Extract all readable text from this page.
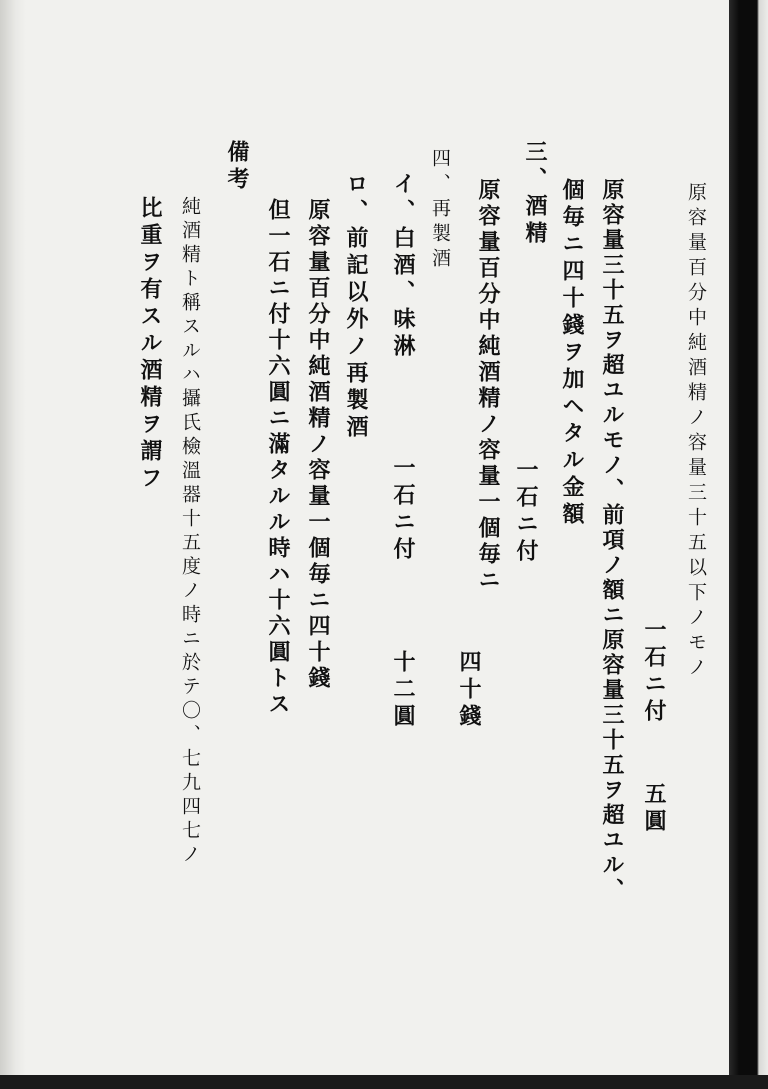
原容量百分中純酒精ノ容量三十五以下ノモノ
一石ニ付
五圓
原容量三十五ヲ超ユルモノ、前項ノ額ニ原容量三十五ヲ超ユル、
個毎ニ四十錢ヲ加ヘタル金額
三、酒精
一石ニ付
原容量百分中純酒精ノ容量一個毎ニ
四十錢
四、再製酒
イ、白酒、味淋
一石ニ付
十二圓
ロ、前記以外ノ再製酒
原容量百分中純酒精ノ容量一個毎ニ四十錢
但一石ニ付十六圓ニ滿タルル時ハ十六圓トス
備考
純酒精ト稱スルハ攝氏檢溫器十五度ノ時ニ於テ〇、七九四七ノ
比重ヲ有スル酒精ヲ謂フ
